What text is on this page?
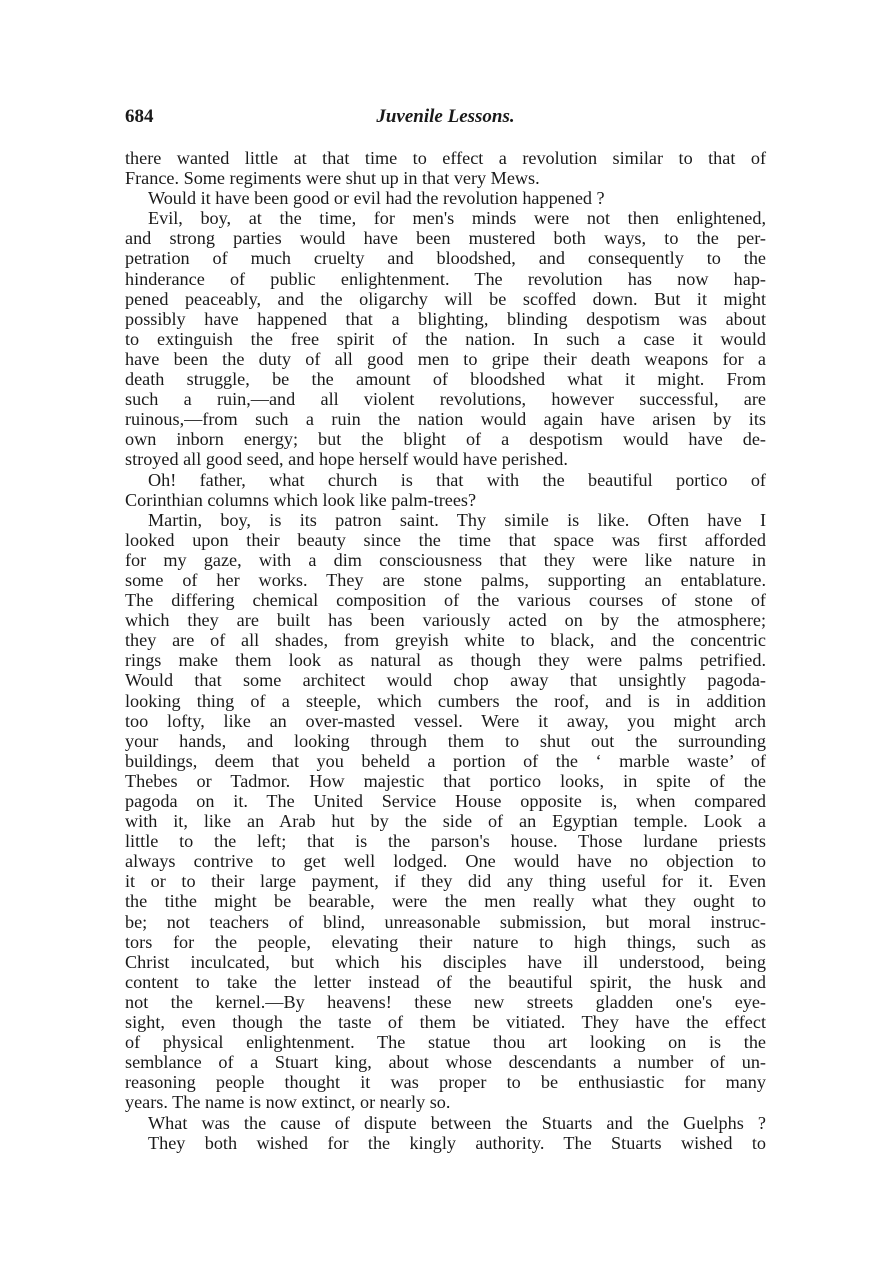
684	Juvenile Lessons.
there wanted little at that time to effect a revolution similar to that of
France. Some regiments were shut up in that very Mews.
Would it have been good or evil had the revolution happened ?
Evil, boy, at the time, for men's minds were not then enlightened,
and strong parties would have been mustered both ways, to the per-
petration of much cruelty and bloodshed, and consequently to the
hinderance of public enlightenment. The revolution has now hap-
pened peaceably, and the oligarchy will be scoffed down. But it might
possibly have happened that a blighting, blinding despotism was about
to extinguish the free spirit of the nation. In such a case it would
have been the duty of all good men to gripe their death weapons for a
death struggle, be the amount of bloodshed what it might. From
such a ruin,—and all violent revolutions, however successful, are
ruinous,—from such a ruin the nation would again have arisen by its
own inborn energy; but the blight of a despotism would have de-
stroyed all good seed, and hope herself would have perished.
Oh! father, what church is that with the beautiful portico of
Corinthian columns which look like palm-trees?
Martin, boy, is its patron saint. Thy simile is like. Often have I
looked upon their beauty since the time that space was first afforded
for my gaze, with a dim consciousness that they were like nature in
some of her works. They are stone palms, supporting an entablature.
The differing chemical composition of the various courses of stone of
which they are built has been variously acted on by the atmosphere;
they are of all shades, from greyish white to black, and the concentric
rings make them look as natural as though they were palms petrified.
Would that some architect would chop away that unsightly pagoda-
looking thing of a steeple, which cumbers the roof, and is in addition
too lofty, like an over-masted vessel. Were it away, you might arch
your hands, and looking through them to shut out the surrounding
buildings, deem that you beheld a portion of the ‘ marble waste’ of
Thebes or Tadmor. How majestic that portico looks, in spite of the
pagoda on it. The United Service House opposite is, when compared
with it, like an Arab hut by the side of an Egyptian temple. Look a
little to the left; that is the parson's house. Those lurdane priests
always contrive to get well lodged. One would have no objection to
it or to their large payment, if they did any thing useful for it. Even
the tithe might be bearable, were the men really what they ought to
be; not teachers of blind, unreasonable submission, but moral instruc-
tors for the people, elevating their nature to high things, such as
Christ inculcated, but which his disciples have ill understood, being
content to take the letter instead of the beautiful spirit, the husk and
not the kernel.—By heavens! these new streets gladden one's eye-
sight, even though the taste of them be vitiated. They have the effect
of physical enlightenment. The statue thou art looking on is the
semblance of a Stuart king, about whose descendants a number of un-
reasoning people thought it was proper to be enthusiastic for many
years. The name is now extinct, or nearly so.
What was the cause of dispute between the Stuarts and the Guelphs ?
They both wished for the kingly authority. The Stuarts wished to
